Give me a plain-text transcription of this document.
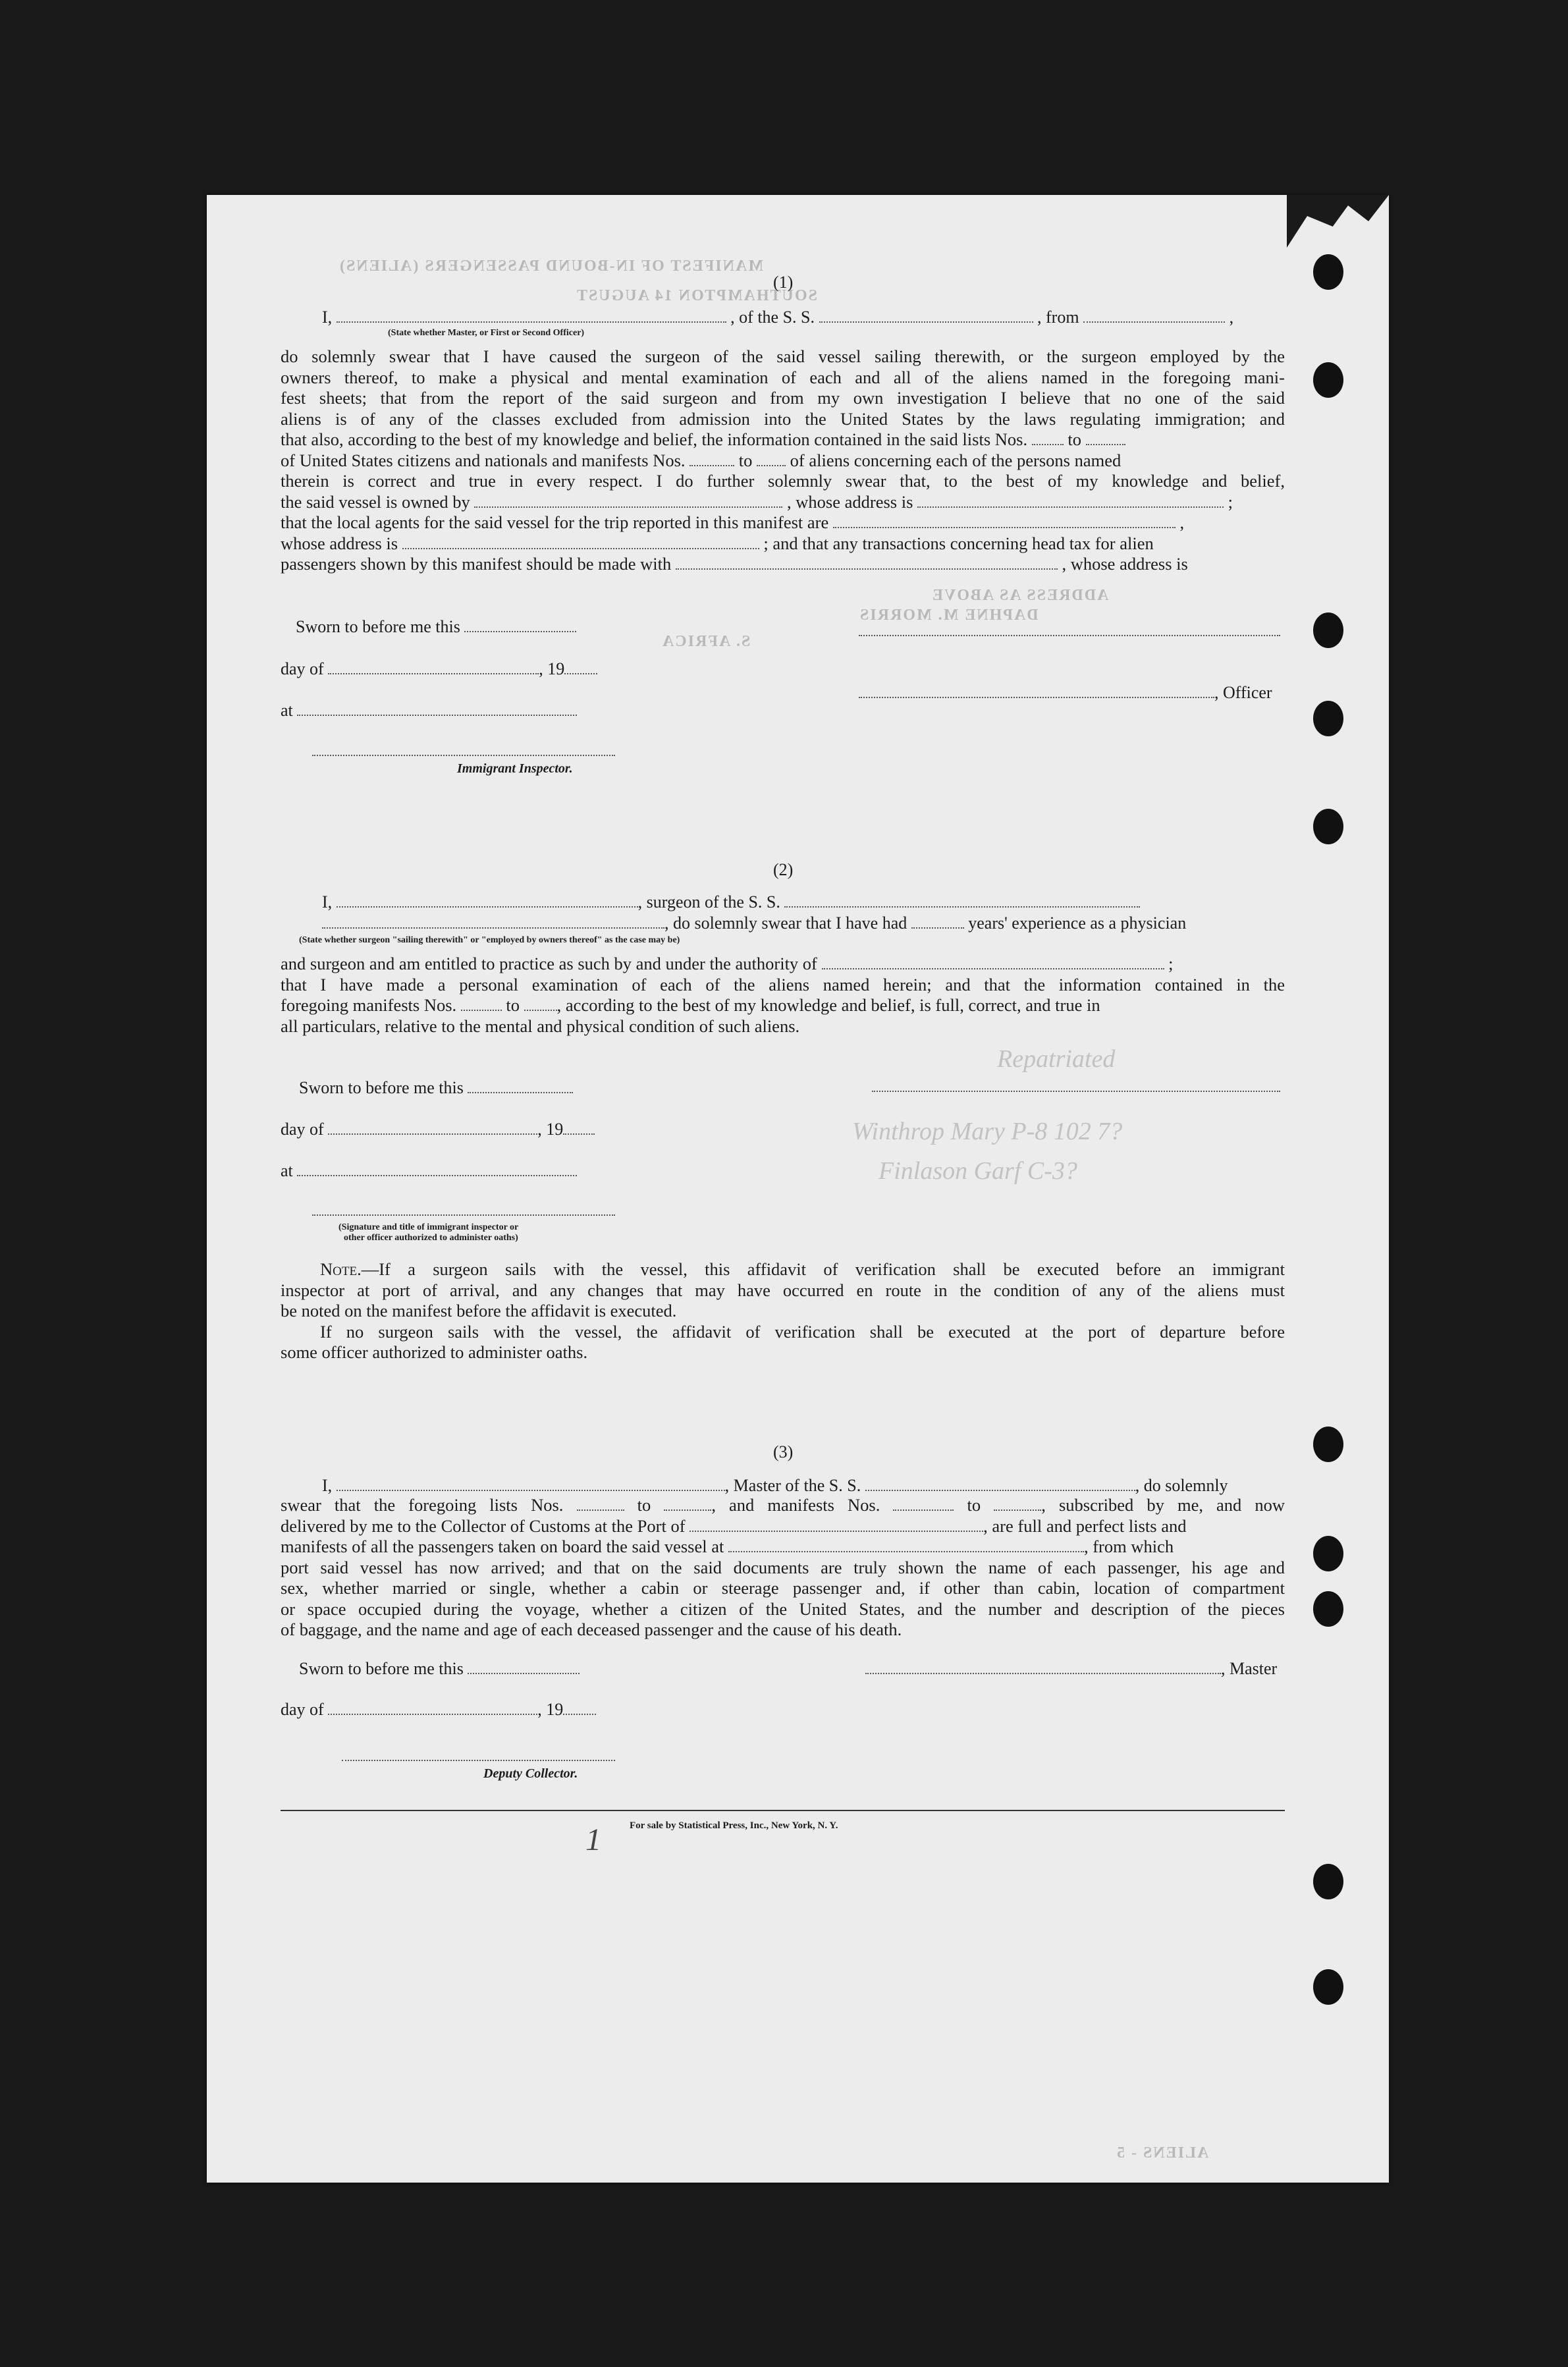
MANIFEST OF IN-BOUND PASSENGERS (ALIENS)
SOUTHAMPTON 14 AUGUST
ADDRESS AS ABOVE
DAPHNE M. MORRIS
S. AFRICA
ALIENS - 5
(1)
I,	, of the S. S.	, from	,
(State whether Master, or First or Second Officer)
do solemnly swear that I have caused the surgeon of the said vessel sailing therewith, or the surgeon employed by the
owners thereof, to make a physical and mental examination of each and all of the aliens named in the foregoing mani-
fest sheets; that from the report of the said surgeon and from my own investigation I believe that no one of the said
aliens is of any of the classes excluded from admission into the United States by the laws regulating immigration; and
that also, according to the best of my knowledge and belief, the information contained in the said lists Nos. to
of United States citizens and nationals and manifests Nos.	to of aliens concerning each of the persons named
therein is correct and true in every respect. I do further solemnly swear that, to the best of my knowledge and belief,
the said vessel is owned by	, whose address is	;
that the local agents for the said vessel for the trip reported in this manifest are	,
whose address is	; and that any transactions concerning head tax for alien
passengers shown by this manifest should be made with	, whose address is
Sworn to before me this
day of	, 19
at
Immigrant Inspector.
, Officer
(2)
I,	, surgeon of the S. S.
, do solemnly swear that I have had	years' experience as a physician
(State whether surgeon "sailing therewith" or "employed by owners thereof" as the case may be)
and surgeon and am entitled to practice as such by and under the authority of	;
that I have made a personal examination of each of the aliens named herein; and that the information contained in the
foregoing manifests Nos.	to , according to the best of my knowledge and belief, is full, correct, and true in
all particulars, relative to the mental and physical condition of such aliens.
Sworn to before me this
day of	, 19
at
(Signature and title of immigrant inspector or
other officer authorized to administer oaths)
Repatriated
Winthrop Mary P-8 102 7?
Finlason Garf C-3?
Note.—If a surgeon sails with the vessel, this affidavit of verification shall be executed before an immigrant
inspector at port of arrival, and any changes that may have occurred en route in the condition of any of the aliens must
be noted on the manifest before the affidavit is executed.
If no surgeon sails with the vessel, the affidavit of verification shall be executed at the port of departure before
some officer authorized to administer oaths.
(3)
I,	, Master of the S. S.	, do solemnly
swear that the foregoing lists Nos.	to	, and manifests Nos.	to	, subscribed by me, and now
delivered by me to the Collector of Customs at the Port of	, are full and perfect lists and
manifests of all the passengers taken on board the said vessel at	, from which
port said vessel has now arrived; and that on the said documents are truly shown the name of each passenger, his age and
sex, whether married or single, whether a cabin or steerage passenger and, if other than cabin, location of compartment
or space occupied during the voyage, whether a citizen of the United States, and the number and description of the pieces
of baggage, and the name and age of each deceased passenger and the cause of his death.
Sworn to before me this	, Master
day of	, 19
Deputy Collector.
For sale by Statistical Press, Inc., New York, N. Y.
1
